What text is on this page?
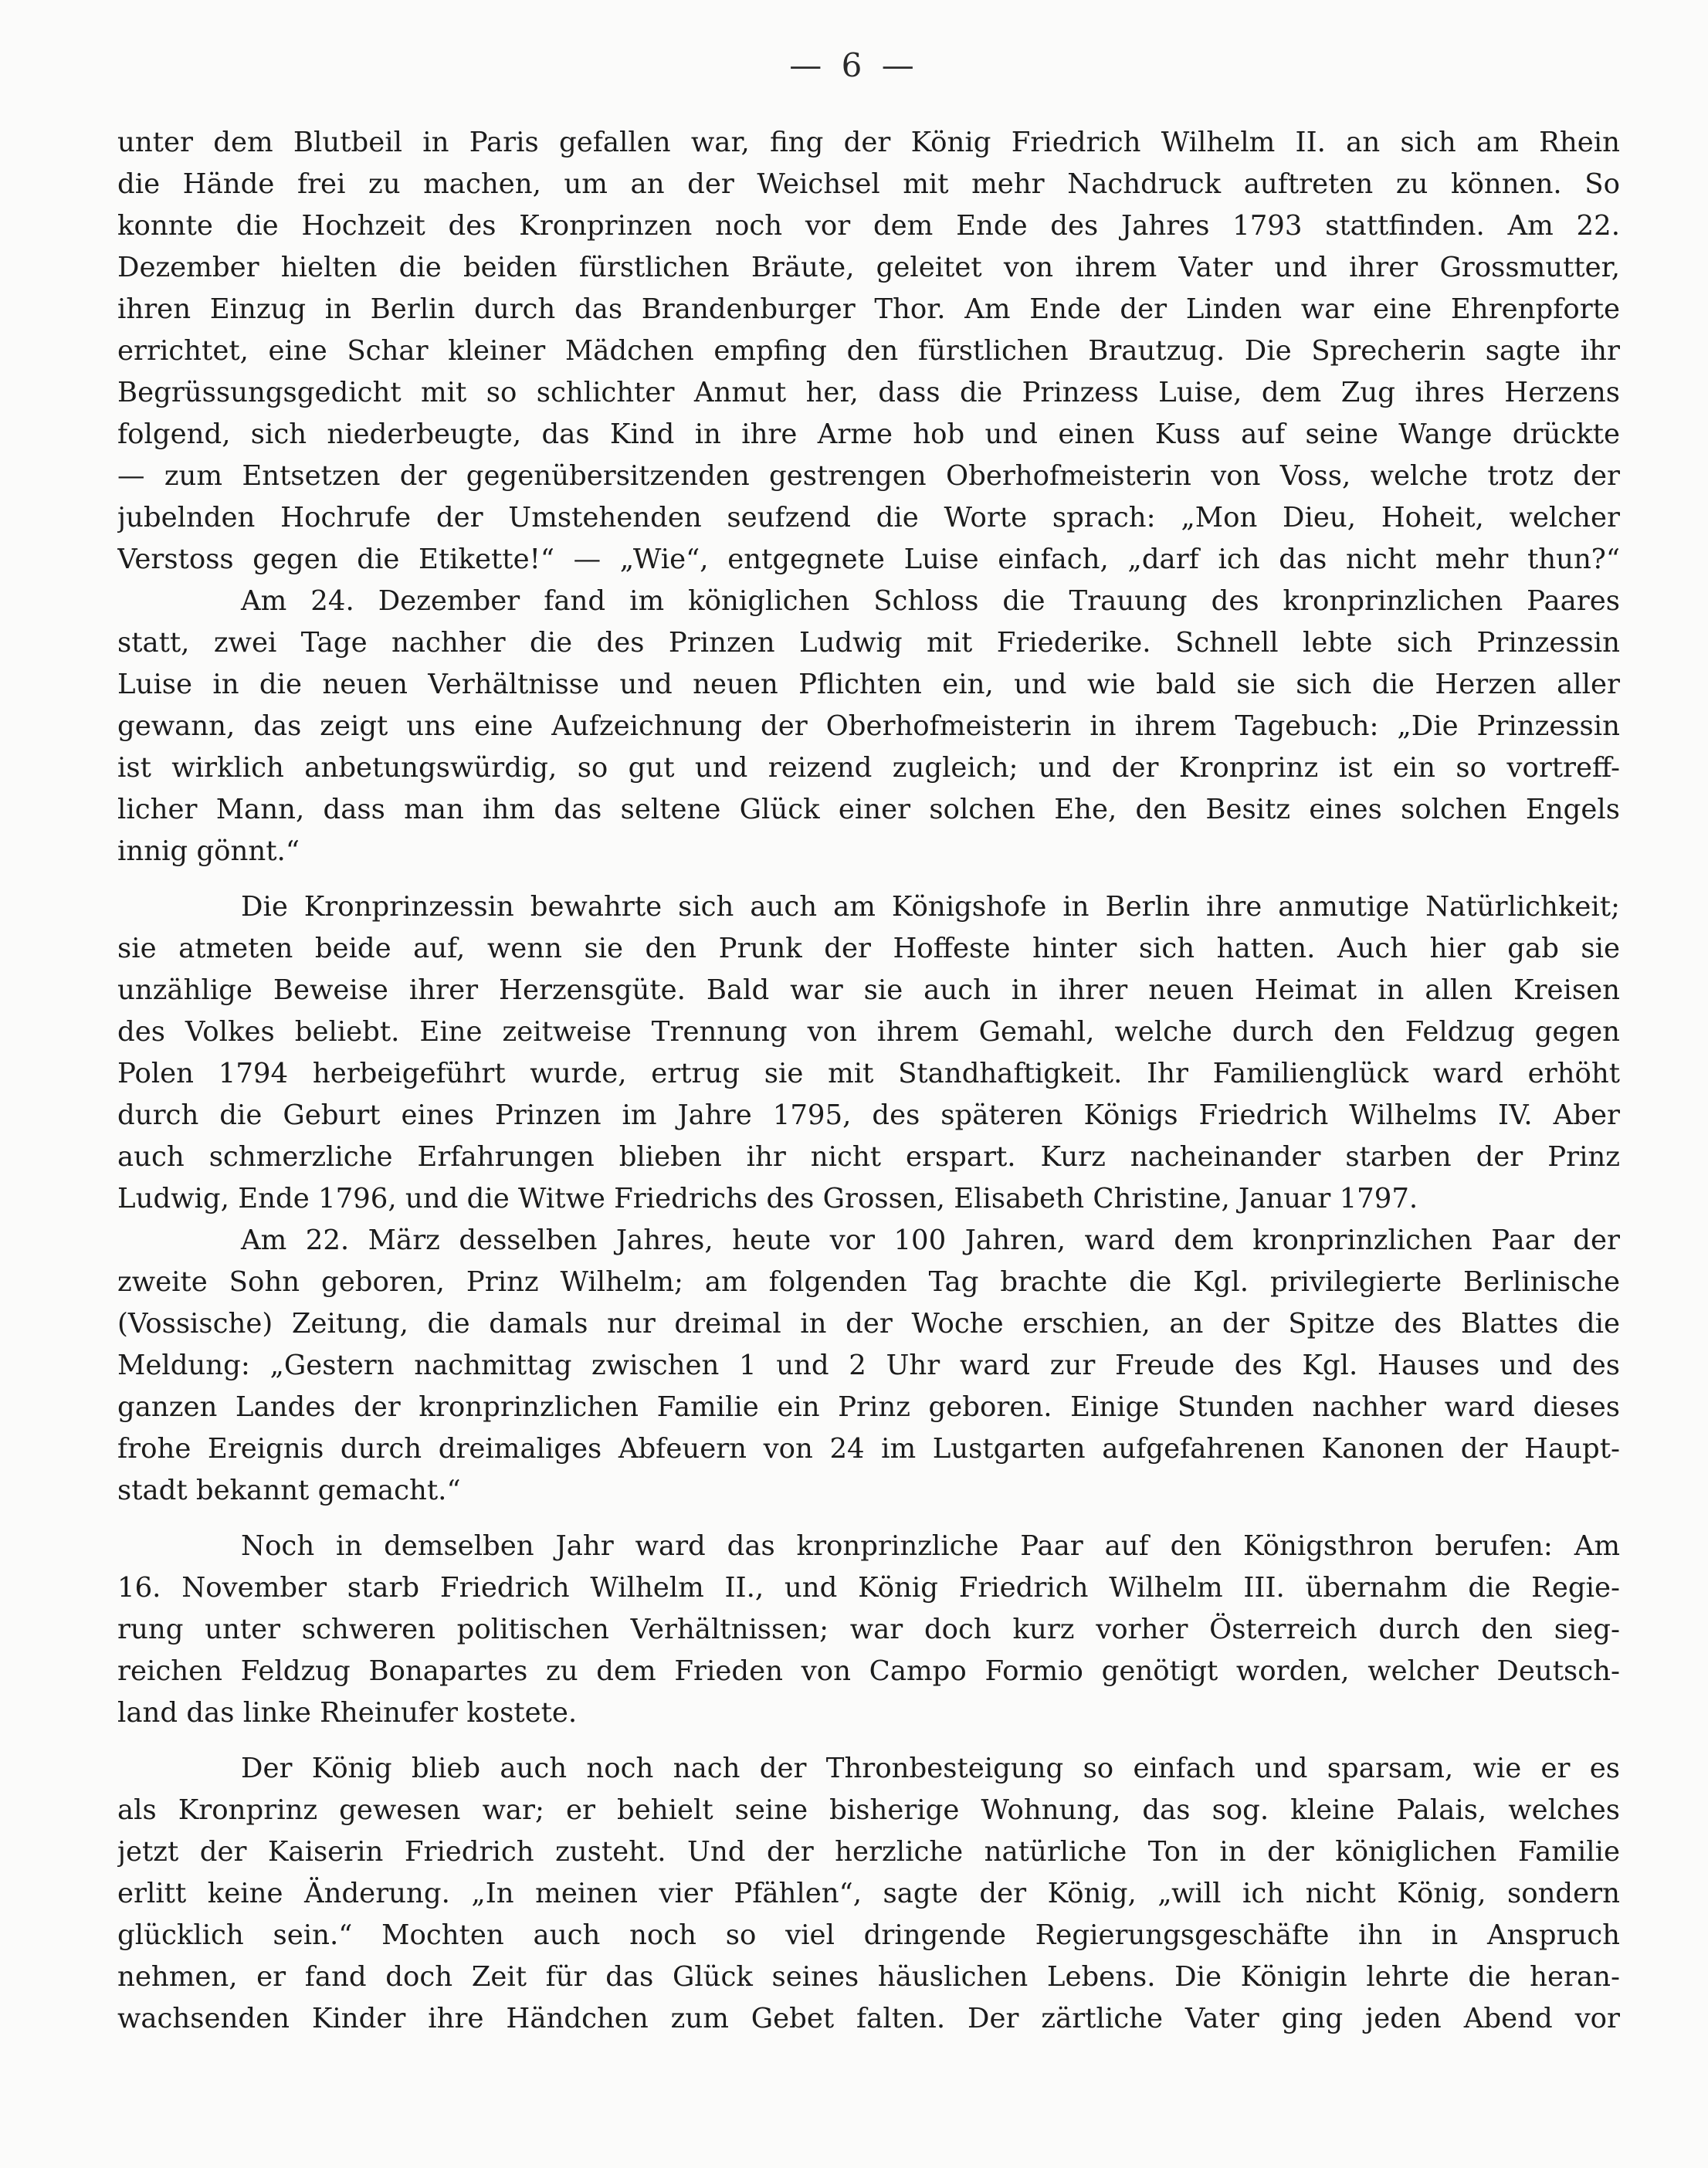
— 6 —
unter dem Blutbeil in Paris gefallen war, fing der König Friedrich Wilhelm II. an sich am Rhein
die Hände frei zu machen, um an der Weichsel mit mehr Nachdruck auftreten zu können. So
konnte die Hochzeit des Kronprinzen noch vor dem Ende des Jahres 1793 stattfinden. Am 22.
Dezember hielten die beiden fürstlichen Bräute, geleitet von ihrem Vater und ihrer Grossmutter,
ihren Einzug in Berlin durch das Brandenburger Thor. Am Ende der Linden war eine Ehrenpforte
errichtet, eine Schar kleiner Mädchen empfing den fürstlichen Brautzug. Die Sprecherin sagte ihr
Begrüssungsgedicht mit so schlichter Anmut her, dass die Prinzess Luise, dem Zug ihres Herzens
folgend, sich niederbeugte, das Kind in ihre Arme hob und einen Kuss auf seine Wange drückte
— zum Entsetzen der gegenübersitzenden gestrengen Oberhofmeisterin von Voss, welche trotz der
jubelnden Hochrufe der Umstehenden seufzend die Worte sprach: „Mon Dieu, Hoheit, welcher
Verstoss gegen die Etikette!“ — „Wie“, entgegnete Luise einfach, „darf ich das nicht mehr thun?“
Am 24. Dezember fand im königlichen Schloss die Trauung des kronprinzlichen Paares
statt, zwei Tage nachher die des Prinzen Ludwig mit Friederike. Schnell lebte sich Prinzessin
Luise in die neuen Verhältnisse und neuen Pflichten ein, und wie bald sie sich die Herzen aller
gewann, das zeigt uns eine Aufzeichnung der Oberhofmeisterin in ihrem Tagebuch: „Die Prinzessin
ist wirklich anbetungswürdig, so gut und reizend zugleich; und der Kronprinz ist ein so vortreff-
licher Mann, dass man ihm das seltene Glück einer solchen Ehe, den Besitz eines solchen Engels
innig gönnt.“
Die Kronprinzessin bewahrte sich auch am Königshofe in Berlin ihre anmutige Natürlichkeit;
sie atmeten beide auf, wenn sie den Prunk der Hoffeste hinter sich hatten. Auch hier gab sie
unzählige Beweise ihrer Herzensgüte. Bald war sie auch in ihrer neuen Heimat in allen Kreisen
des Volkes beliebt. Eine zeitweise Trennung von ihrem Gemahl, welche durch den Feldzug gegen
Polen 1794 herbeigeführt wurde, ertrug sie mit Standhaftigkeit. Ihr Familienglück ward erhöht
durch die Geburt eines Prinzen im Jahre 1795, des späteren Königs Friedrich Wilhelms IV. Aber
auch schmerzliche Erfahrungen blieben ihr nicht erspart. Kurz nacheinander starben der Prinz
Ludwig, Ende 1796, und die Witwe Friedrichs des Grossen, Elisabeth Christine, Januar 1797.
Am 22. März desselben Jahres, heute vor 100 Jahren, ward dem kronprinzlichen Paar der
zweite Sohn geboren, Prinz Wilhelm; am folgenden Tag brachte die Kgl. privilegierte Berlinische
(Vossische) Zeitung, die damals nur dreimal in der Woche erschien, an der Spitze des Blattes die
Meldung: „Gestern nachmittag zwischen 1 und 2 Uhr ward zur Freude des Kgl. Hauses und des
ganzen Landes der kronprinzlichen Familie ein Prinz geboren. Einige Stunden nachher ward dieses
frohe Ereignis durch dreimaliges Abfeuern von 24 im Lustgarten aufgefahrenen Kanonen der Haupt-
stadt bekannt gemacht.“
Noch in demselben Jahr ward das kronprinzliche Paar auf den Königsthron berufen: Am
16. November starb Friedrich Wilhelm II., und König Friedrich Wilhelm III. übernahm die Regie-
rung unter schweren politischen Verhältnissen; war doch kurz vorher Österreich durch den sieg-
reichen Feldzug Bonapartes zu dem Frieden von Campo Formio genötigt worden, welcher Deutsch-
land das linke Rheinufer kostete.
Der König blieb auch noch nach der Thronbesteigung so einfach und sparsam, wie er es
als Kronprinz gewesen war; er behielt seine bisherige Wohnung, das sog. kleine Palais, welches
jetzt der Kaiserin Friedrich zusteht. Und der herzliche natürliche Ton in der königlichen Familie
erlitt keine Änderung. „In meinen vier Pfählen“, sagte der König, „will ich nicht König, sondern
glücklich sein.“ Mochten auch noch so viel dringende Regierungsgeschäfte ihn in Anspruch
nehmen, er fand doch Zeit für das Glück seines häuslichen Lebens. Die Königin lehrte die heran-
wachsenden Kinder ihre Händchen zum Gebet falten. Der zärtliche Vater ging jeden Abend vor
